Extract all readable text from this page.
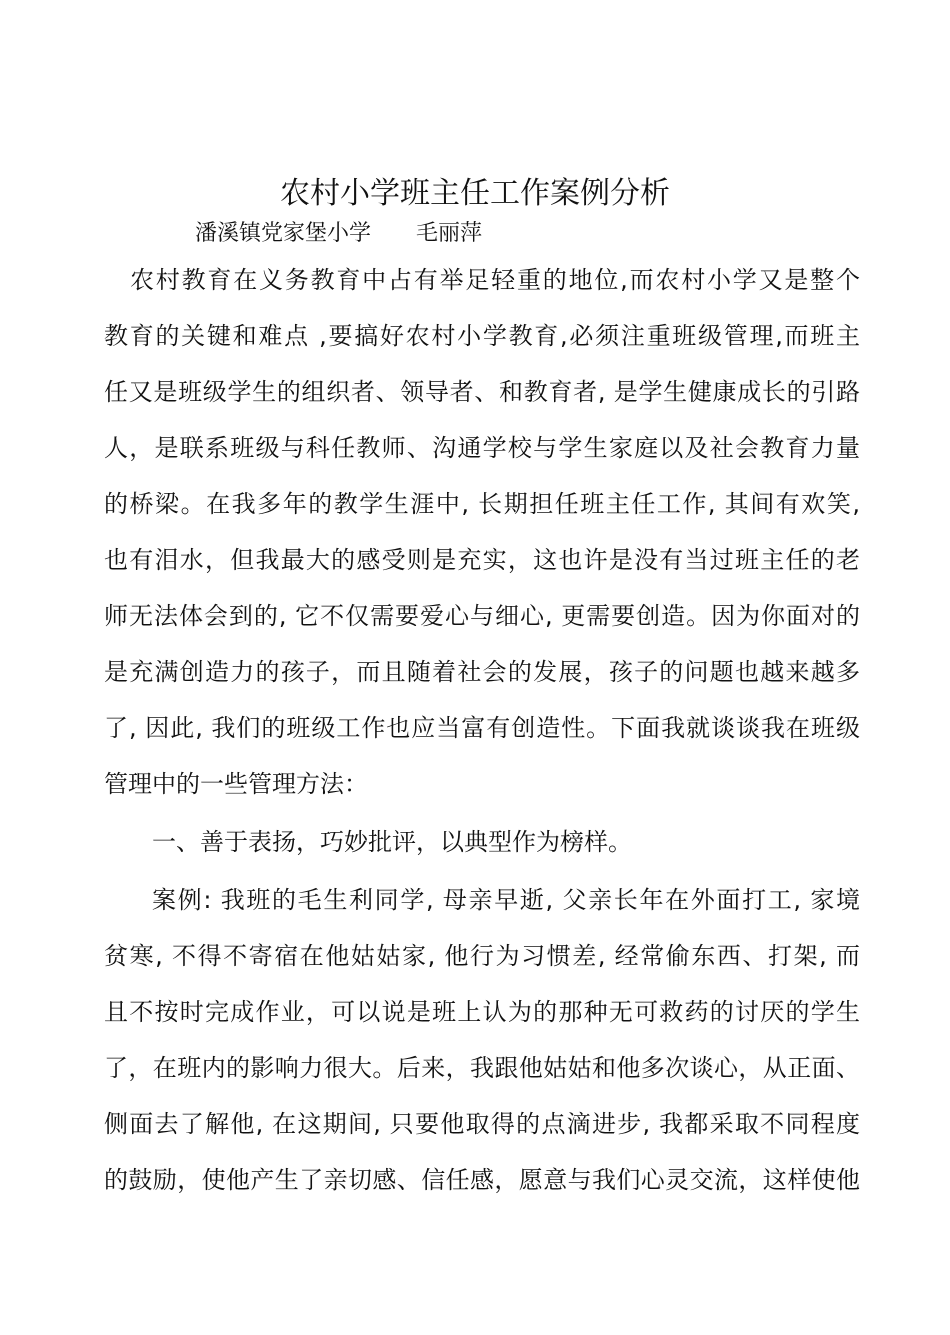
农村小学班主任工作案例分析
潘溪镇党家堡小学 毛丽萍
农村教育在义务教育中占有举足轻重的地位,而农村小学又是整个
教育的关键和难点 ,要搞好农村小学教育,必须注重班级管理,而班主
任又是班级学生的组织者、领导者、和教育者, 是学生健康成长的引路
人，是联系班级与科任教师、沟通学校与学生家庭以及社会教育力量
的桥梁。在我多年的教学生涯中, 长期担任班主任工作, 其间有欢笑,
也有泪水，但我最大的感受则是充实，这也许是没有当过班主任的老
师无法体会到的, 它不仅需要爱心与细心, 更需要创造。因为你面对的
是充满创造力的孩子，而且随着社会的发展，孩子的问题也越来越多
了, 因此, 我们的班级工作也应当富有创造性。下面我就谈谈我在班级
管理中的一些管理方法：
一、善于表扬，巧妙批评，以典型作为榜样。
案例: 我班的毛生利同学, 母亲早逝, 父亲长年在外面打工, 家境
贫寒, 不得不寄宿在他姑姑家, 他行为习惯差, 经常偷东西、打架, 而
且不按时完成作业，可以说是班上认为的那种无可救药的讨厌的学生
了，在班内的影响力很大。后来，我跟他姑姑和他多次谈心，从正面、
侧面去了解他, 在这期间, 只要他取得的点滴进步, 我都采取不同程度
的鼓励，使他产生了亲切感、信任感，愿意与我们心灵交流，这样使他
